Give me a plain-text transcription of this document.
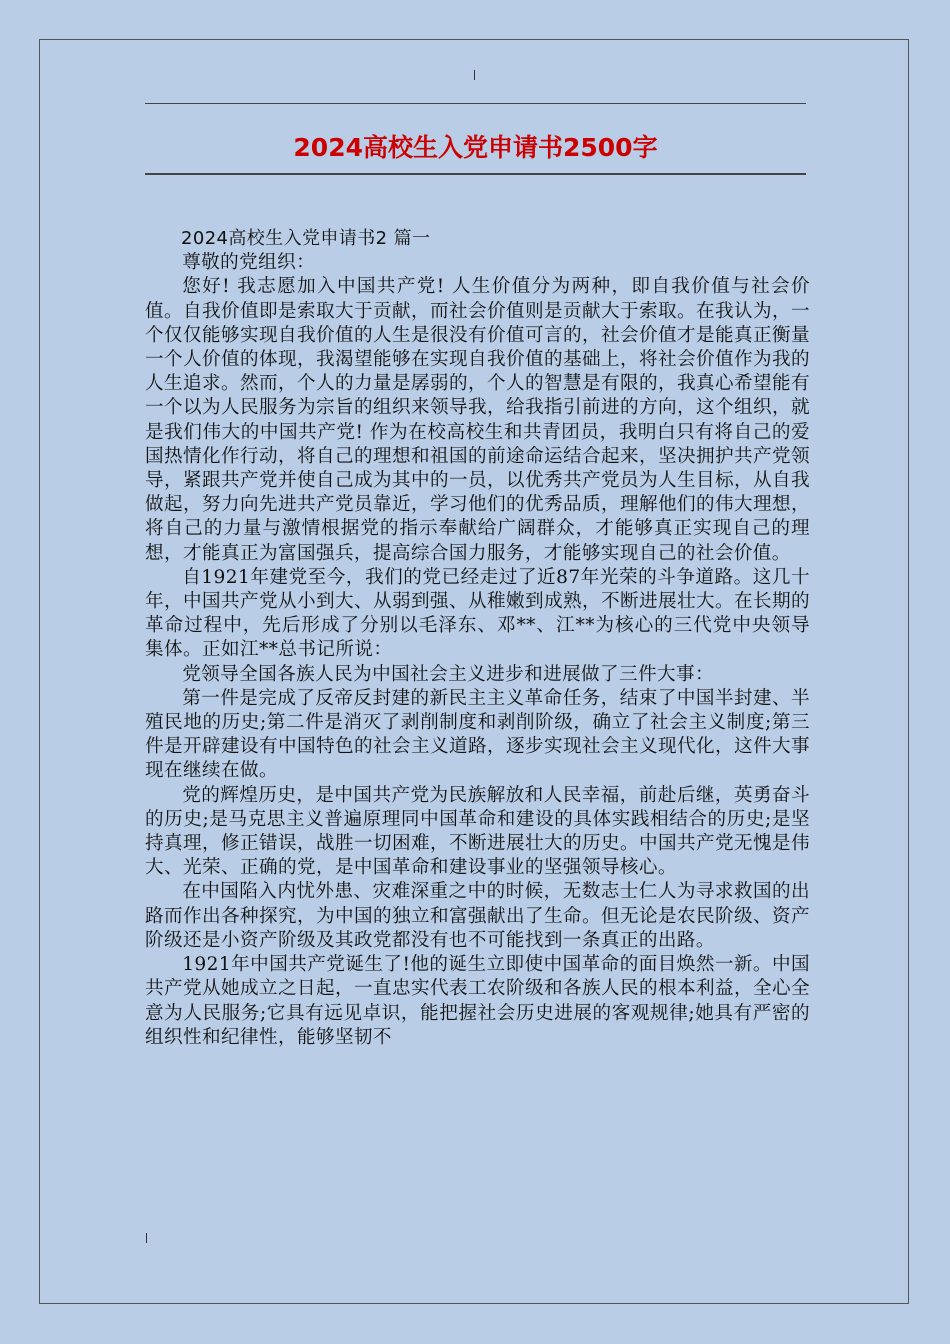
2024高校生入党申请书2500字

2024高校生入党申请书2 篇一

尊敬的党组织：

您好! 我志愿加入中国共产党! 人生价值分为两种，即自我价值与社会价值。自我价值即是索取大于贡献，而社会价值则是贡献大于索取。在我认为，一个仅仅能够实现自我价值的人生是很没有价值可言的，社会价值才是能真正衡量一个人价值的体现，我渴望能够在实现自我价值的基础上，将社会价值作为我的人生追求。然而，个人的力量是孱弱的，个人的智慧是有限的，我真心希望能有一个以为人民服务为宗旨的组织来领导我，给我指引前进的方向，这个组织，就是我们伟大的中国共产党! 作为在校高校生和共青团员，我明白只有将自己的爱国热情化作行动，将自己的理想和祖国的前途命运结合起来，坚决拥护共产党领导，紧跟共产党并使自己成为其中的一员，以优秀共产党员为人生目标，从自我做起，努力向先进共产党员靠近，学习他们的优秀品质，理解他们的伟大理想，将自己的力量与激情根据党的指示奉献给广阔群众，才能够真正实现自己的理想，才能真正为富国强兵，提高综合国力服务，才能够实现自己的社会价值。

自1921年建党至今，我们的党已经走过了近87年光荣的斗争道路。这几十年，中国共产党从小到大、从弱到强、从稚嫩到成熟，不断进展壮大。在长期的革命过程中，先后形成了分别以毛泽东、邓**、江**为核心的三代党中央领导集体。正如江**总书记所说：

党领导全国各族人民为中国社会主义进步和进展做了三件大事：

第一件是完成了反帝反封建的新民主主义革命任务，结束了中国半封建、半殖民地的历史;第二件是消灭了剥削制度和剥削阶级，确立了社会主义制度;第三件是开辟建设有中国特色的社会主义道路，逐步实现社会主义现代化，这件大事现在继续在做。

党的辉煌历史，是中国共产党为民族解放和人民幸福，前赴后继，英勇奋斗的历史;是马克思主义普遍原理同中国革命和建设的具体实践相结合的历史;是坚持真理，修正错误，战胜一切困难，不断进展壮大的历史。中国共产党无愧是伟大、光荣、正确的党，是中国革命和建设事业的坚强领导核心。

在中国陷入内忧外患、灾难深重之中的时候，无数志士仁人为寻求救国的出路而作出各种探究，为中国的独立和富强献出了生命。但无论是农民阶级、资产阶级还是小资产阶级及其政党都没有也不可能找到一条真正的出路。

1921年中国共产党诞生了!他的诞生立即使中国革命的面目焕然一新。中国共产党从她成立之日起，一直忠实代表工农阶级和各族人民的根本利益，全心全意为人民服务;它具有远见卓识，能把握社会历史进展的客观规律;她具有严密的组织性和纪律性，能够坚韧不
